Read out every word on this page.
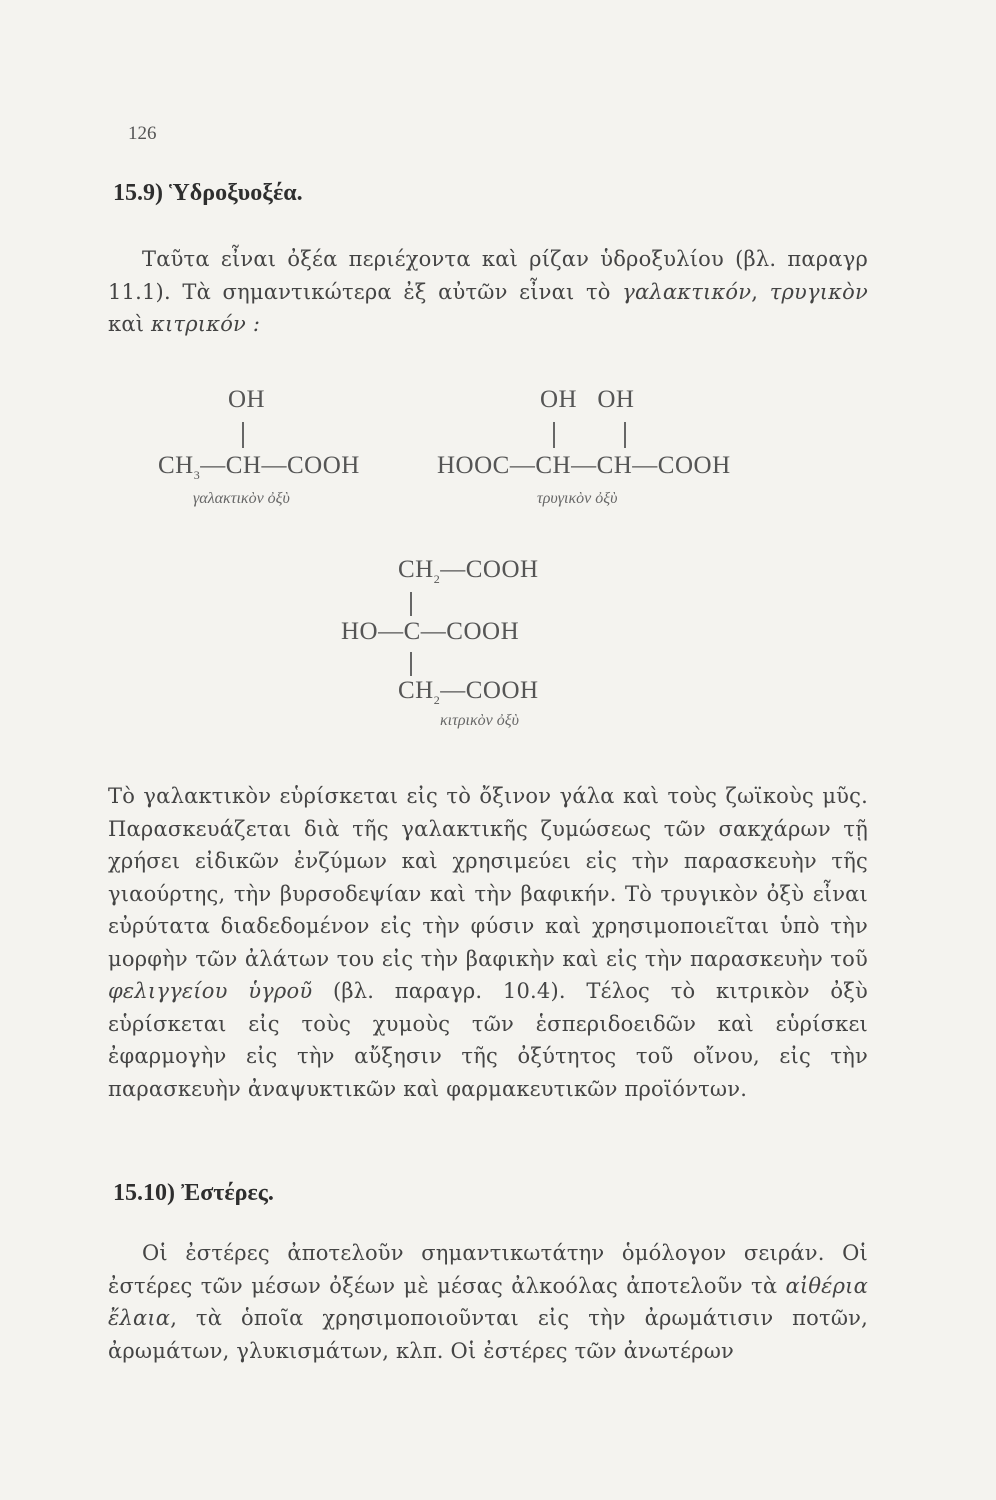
126
15.9) Ὑδροξυοξέα.
Ταῦτα εἶναι ὀξέα περιέχοντα καὶ ρίζαν ὑδροξυλίου (βλ. παραγρ 11.1). Τὰ σημαντικώτερα ἐξ αὐτῶν εἶναι τὸ γαλακτικόν, τρυγικὸν καὶ κιτρικόν :
OH
$CH_3—CH—COOH$
γαλακτικὸν ὀξὺ
OH   OH
HOOC—CH—CH—COOH
τρυγικὸν ὀξὺ
$CH_2—COOH$
HO—C—COOH
$CH_2—COOH$
κιτρικὸν ὀξὺ
Τὸ γαλακτικὸν εὑρίσκεται εἰς τὸ ὄξινον γάλα καὶ τοὺς ζωϊκοὺς μῦς. Παρασκευάζεται διὰ τῆς γαλακτικῆς ζυμώσεως τῶν σακχάρων τῇ χρήσει εἰδικῶν ἐνζύμων καὶ χρησιμεύει εἰς τὴν παρασκευὴν τῆς γιαούρτης, τὴν βυρσοδεψίαν καὶ τὴν βαφικήν. Τὸ τρυγικὸν ὀξὺ εἶναι εὐρύτατα διαδεδομένον εἰς τὴν φύσιν καὶ χρησιμοποιεῖται ὑπὸ τὴν μορφὴν τῶν ἀλάτων του εἰς τὴν βαφικὴν καὶ εἰς τὴν παρασκευὴν τοῦ φελιγγείου ὑγροῦ (βλ. παραγρ. 10.4). Τέλος τὸ κιτρικὸν ὀξὺ εὑρίσκεται εἰς τοὺς χυμοὺς τῶν ἑσπεριδοειδῶν καὶ εὑρίσκει ἐφαρμογὴν εἰς τὴν αὔξησιν τῆς ὀξύτητος τοῦ οἴνου, εἰς τὴν παρασκευὴν ἀναψυκτικῶν καὶ φαρμακευτικῶν προϊόντων.
15.10) Ἐστέρες.
Οἱ ἐστέρες ἀποτελοῦν σημαντικωτάτην ὁμόλογον σειράν. Οἱ ἐστέρες τῶν μέσων ὀξέων μὲ μέσας ἀλκοόλας ἀποτελοῦν τὰ αἰθέρια ἔλαια, τὰ ὁποῖα χρησιμοποιοῦνται εἰς τὴν ἀρωμάτισιν ποτῶν, ἀρωμάτων, γλυκισμάτων, κλπ. Οἱ ἐστέρες τῶν ἀνωτέρων
